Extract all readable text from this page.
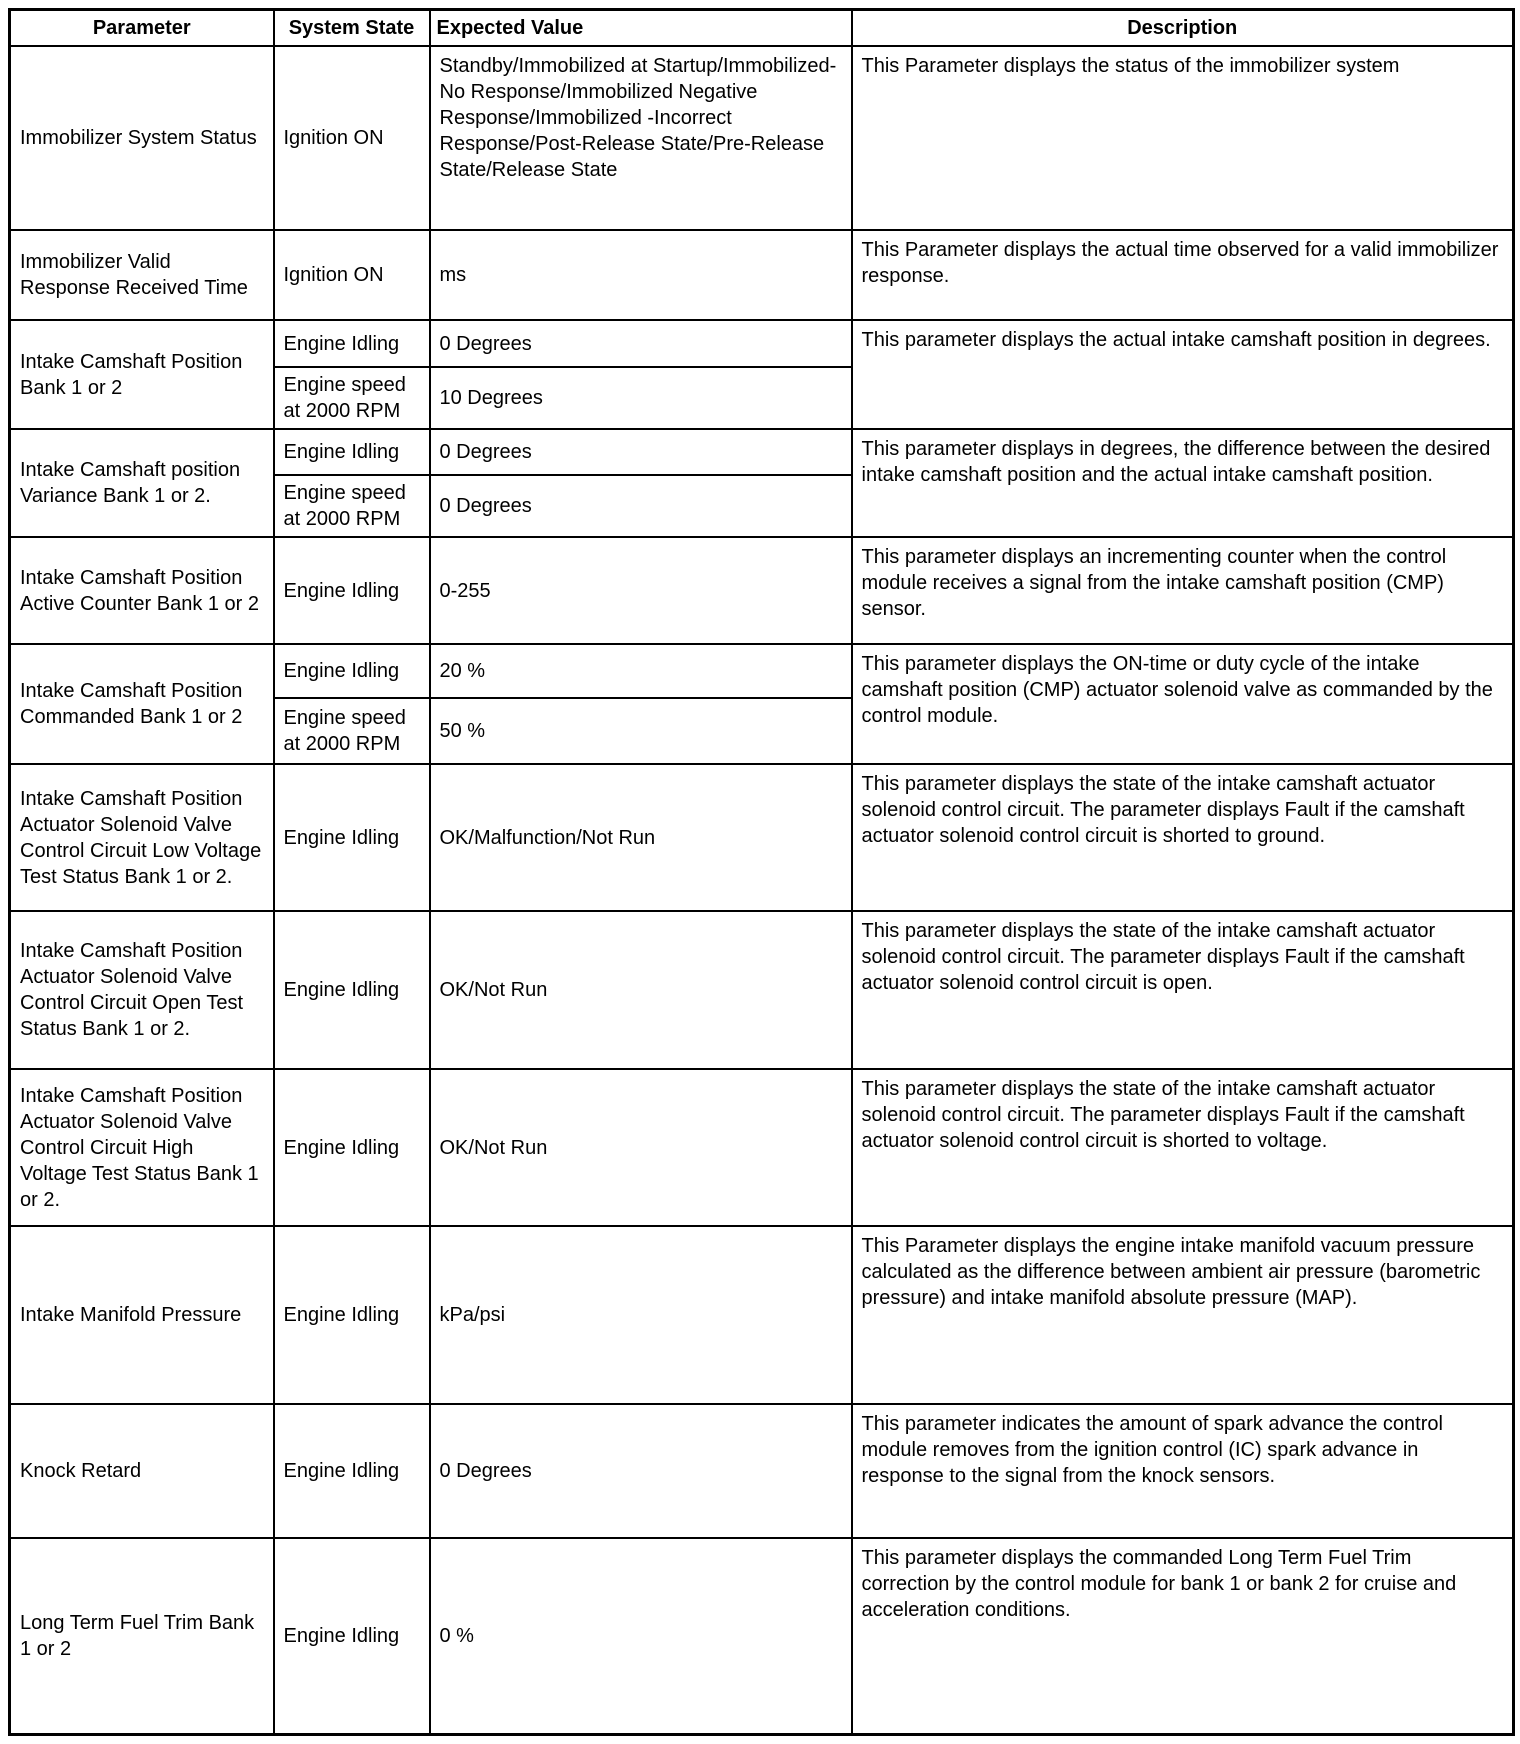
Parameter	System State	Expected Value	Description
Immobilizer System Status	Ignition ON	Standby/Immobilized at Startup/Immobilized-No Response/Immobilized Negative Response/Immobilized -Incorrect Response/Post-Release State/Pre-Release State/Release State	This Parameter displays the status of the immobilizer system
Immobilizer Valid Response Received Time	Ignition ON	ms	This Parameter displays the actual time observed for a valid immobilizer response.
Intake Camshaft Position Bank 1 or 2	Engine Idling	0 Degrees	This parameter displays the actual intake camshaft position in degrees.
	Engine speed at 2000 RPM	10 Degrees	
Intake Camshaft position Variance Bank 1 or 2.	Engine Idling	0 Degrees	This parameter displays in degrees, the difference between the desired intake camshaft position and the actual intake camshaft position.
	Engine speed at 2000 RPM	0 Degrees	
Intake Camshaft Position Active Counter Bank 1 or 2	Engine Idling	0-255	This parameter displays an incrementing counter when the control module receives a signal from the intake camshaft position (CMP) sensor.
Intake Camshaft Position Commanded Bank 1 or 2	Engine Idling	20 %	This parameter displays the ON-time or duty cycle of the intake camshaft position (CMP) actuator solenoid valve as commanded by the control module.
	Engine speed at 2000 RPM	50 %	
Intake Camshaft Position Actuator Solenoid Valve Control Circuit Low Voltage Test Status Bank 1 or 2.	Engine Idling	OK/Malfunction/Not Run	This parameter displays the state of the intake camshaft actuator solenoid control circuit. The parameter displays Fault if the camshaft actuator solenoid control circuit is shorted to ground.
Intake Camshaft Position Actuator Solenoid Valve Control Circuit Open Test Status Bank 1 or 2.	Engine Idling	OK/Not Run	This parameter displays the state of the intake camshaft actuator solenoid control circuit. The parameter displays Fault if the camshaft actuator solenoid control circuit is open.
Intake Camshaft Position Actuator Solenoid Valve Control Circuit High Voltage Test Status Bank 1 or 2.	Engine Idling	OK/Not Run	This parameter displays the state of the intake camshaft actuator solenoid control circuit. The parameter displays Fault if the camshaft actuator solenoid control circuit is shorted to voltage.
Intake Manifold Pressure	Engine Idling	kPa/psi	This Parameter displays the engine intake manifold vacuum pressure calculated as the difference between ambient air pressure (barometric pressure) and intake manifold absolute pressure (MAP).
Knock Retard	Engine Idling	0 Degrees	This parameter indicates the amount of spark advance the control module removes from the ignition control (IC) spark advance in response to the signal from the knock sensors.
Long Term Fuel Trim Bank 1 or 2	Engine Idling	0 %	This parameter displays the commanded Long Term Fuel Trim correction by the control module for bank 1 or bank 2 for cruise and acceleration conditions.
